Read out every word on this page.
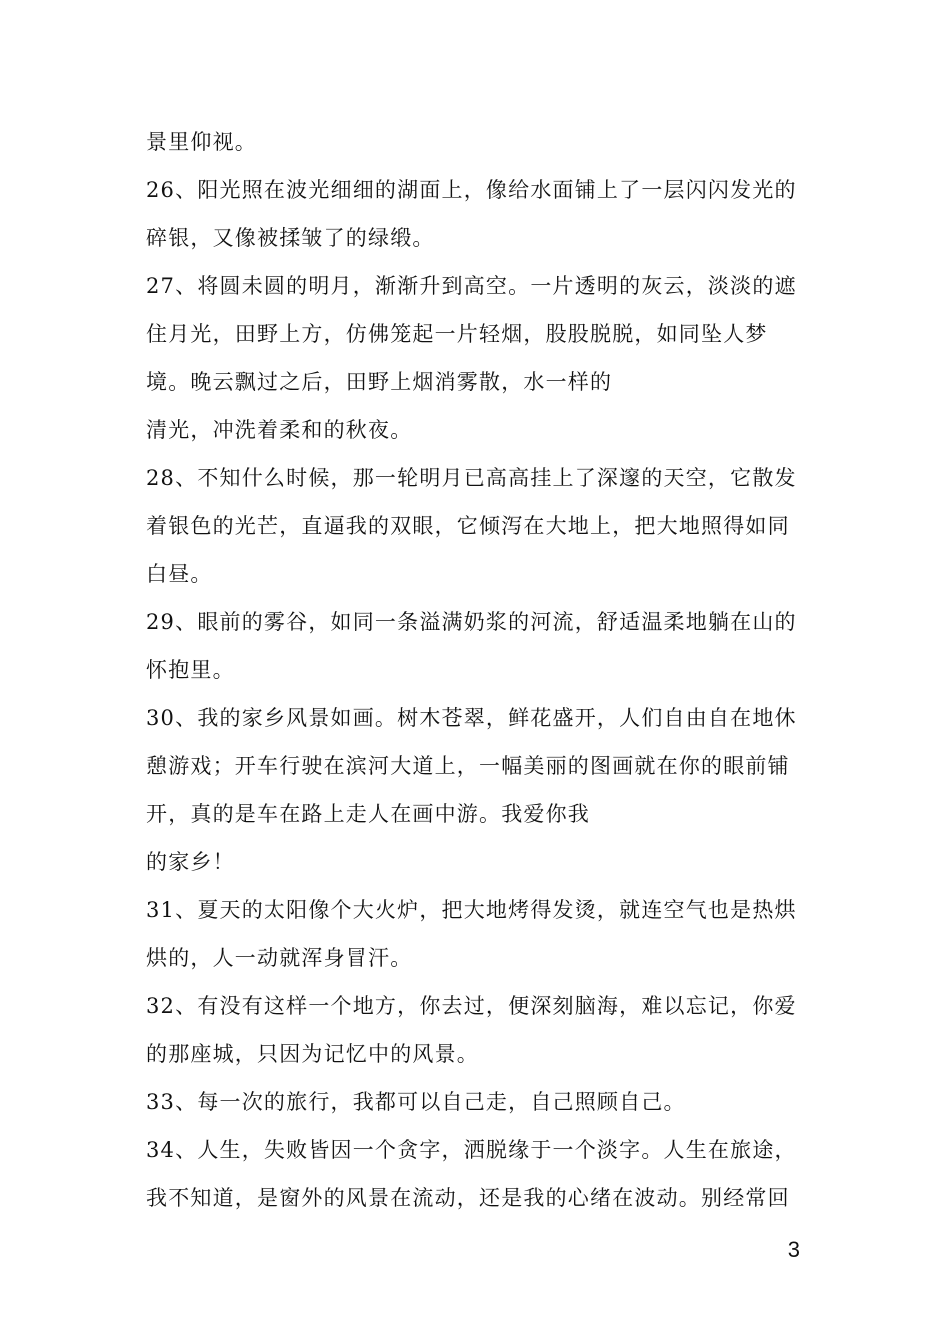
景里仰视。
26、阳光照在波光细细的湖面上，像给水面铺上了一层闪闪发光的
碎银，又像被揉皱了的绿缎。
27、将圆未圆的明月，渐渐升到高空。一片透明的灰云，淡淡的遮
住月光，田野上方，仿佛笼起一片轻烟，股股脱脱，如同坠人梦
境。晚云飘过之后，田野上烟消雾散，水一样的
清光，冲洗着柔和的秋夜。
28、不知什么时候，那一轮明月已高高挂上了深邃的天空，它散发
着银色的光芒，直逼我的双眼，它倾泻在大地上，把大地照得如同
白昼。
29、眼前的雾谷，如同一条溢满奶浆的河流，舒适温柔地躺在山的
怀抱里。
30、我的家乡风景如画。树木苍翠，鲜花盛开，人们自由自在地休
憩游戏；开车行驶在滨河大道上，一幅美丽的图画就在你的眼前铺
开，真的是车在路上走人在画中游。我爱你我
的家乡！
31、夏天的太阳像个大火炉，把大地烤得发烫，就连空气也是热烘
烘的，人一动就浑身冒汗。
32、有没有这样一个地方，你去过，便深刻脑海，难以忘记，你爱
的那座城，只因为记忆中的风景。
33、每一次的旅行，我都可以自己走，自己照顾自己。
34、人生，失败皆因一个贪字，洒脱缘于一个淡字。人生在旅途，
我不知道，是窗外的风景在流动，还是我的心绪在波动。别经常回
3
